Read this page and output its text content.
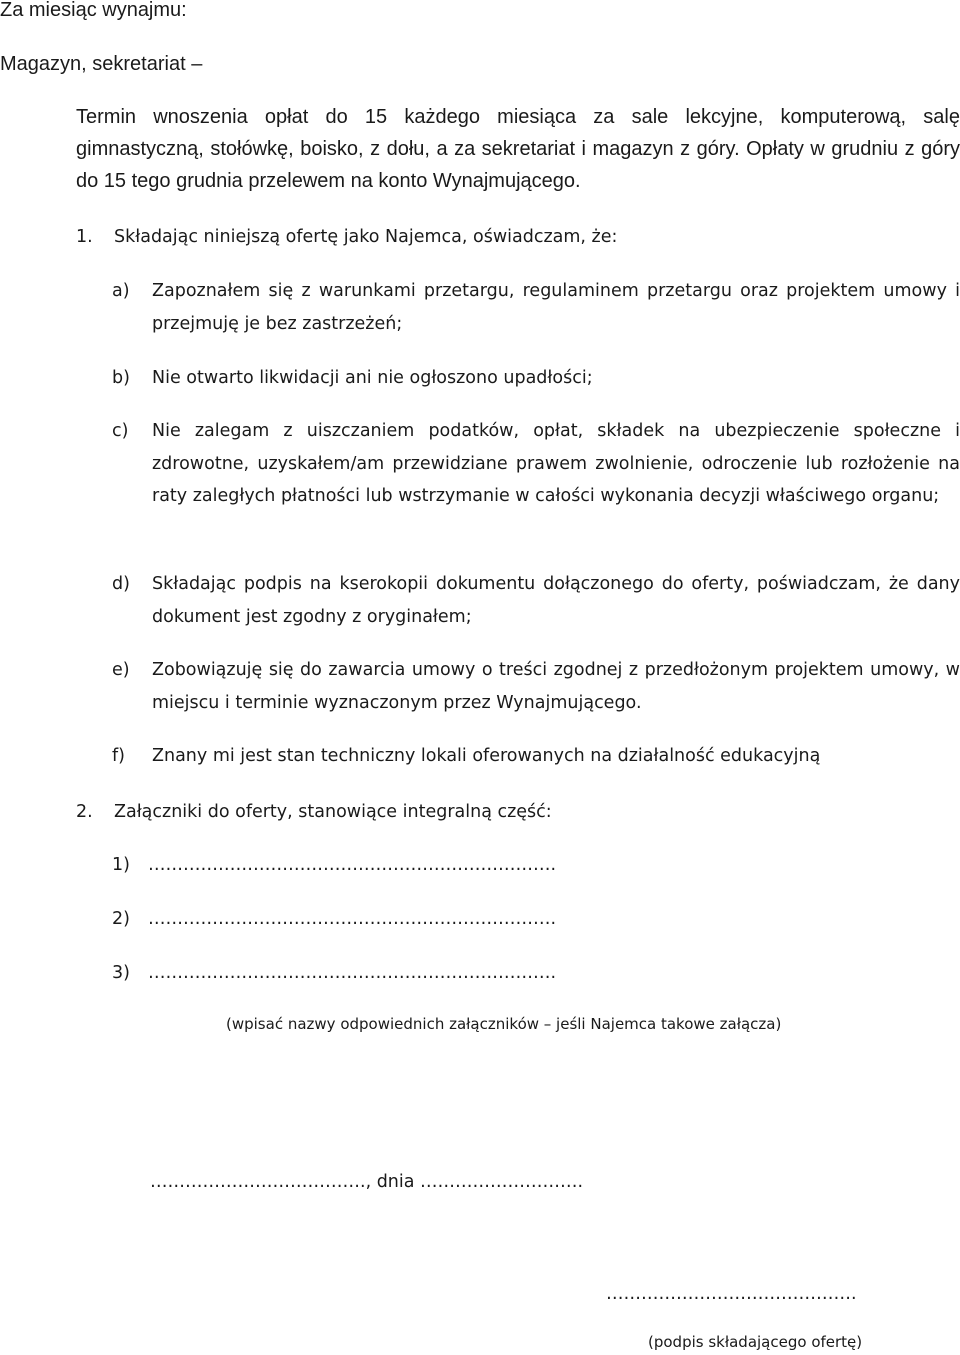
Za miesiąc wynajmu:

Magazyn, sekretariat –

Termin wnoszenia opłat do 15 każdego miesiąca za sale lekcyjne, komputerową, salę gimnastyczną, stołówkę, boisko, z dołu, a za sekretariat i magazyn z góry. Opłaty w grudniu z góry do 15 tego grudnia przelewem na konto Wynajmującego.

1. Składając niniejszą ofertę jako Najemca, oświadczam, że:

a) Zapoznałem się z warunkami przetargu, regulaminem przetargu oraz projektem umowy i przejmuję je bez zastrzeżeń;

b) Nie otwarto likwidacji ani nie ogłoszono upadłości;

c) Nie zalegam z uiszczaniem podatków, opłat, składek na ubezpieczenie społeczne i zdrowotne, uzyskałem/am przewidziane prawem zwolnienie, odroczenie lub rozłożenie na raty zaległych płatności lub wstrzymanie w całości wykonania decyzji właściwego organu;

d) Składając podpis na kserokopii dokumentu dołączonego do oferty, poświadczam, że dany dokument jest zgodny z oryginałem;

e) Zobowiązuję się do zawarcia umowy o treści zgodnej z przedłożonym projektem umowy, w miejscu i terminie wyznaczonym przez Wynajmującego.

f) Znany mi jest stan techniczny lokali oferowanych na działalność edukacyjną

2. Załączniki do oferty, stanowiące integralną część:

1) …………………………………………………………….

2) …………………………………………………………….

3) …………………………………………………………….

(wpisać nazwy odpowiednich załączników – jeśli Najemca takowe załącza)

………………………………., dnia ……………………….

…………………………………….

(podpis składającego ofertę)
